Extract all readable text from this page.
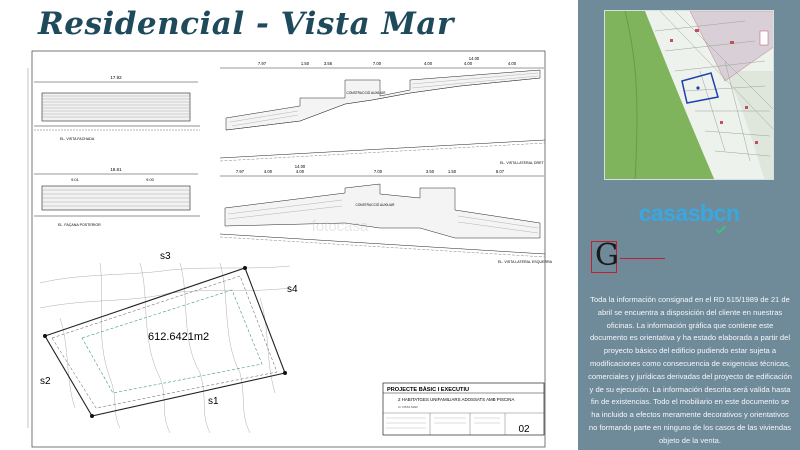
Residencial - Vista Mar
17.92
EL. VISTA FACHADA
7.97	1.50	3.56	7.00	4.00	4.00
14.00
4.00
CONSTRUCCIÓ AUXILIAR
EL. VISTA LATERAL DRET
18.61
9.01	9.00
EL. FAÇANA POSTERIOR
14.00
7.97	4.00	4.00	7.00	3.50	1.50	8.07
CONSTRUCCIÓ AUXILIAR
EL. VISTA LATERAL ESQUERRA
fotocasa
612.6421m2
s3
s4
s2
s1
PROJECTE BÀSIC I EXECUTIU
2 HABITATGES UNIFAMILIARS ADOSSATS AMB PISCINA
C/ VISTA MAR
02
casasbcn
G
Toda la información consignad en el RD 515/1989 de 21 de abril se encuentra a disposición del cliente en nuestras oficinas. La información gráfica que contiene este documento es orientativa y ha estado elaborada a partir del proyecto básico del edificio pudiendo estar sujeta a modificaciones como consecuencia de exigencias técnicas, comerciales y jurídicas derivadas del proyecto de edificación y de su ejecución. La información descrita será valida hasta fin de existencias. Todo el mobiliario en este documento se ha incluido a efectos meramente decorativos y orientativos no formando parte en ninguno de los casos de las viviendas objeto de la venta.
